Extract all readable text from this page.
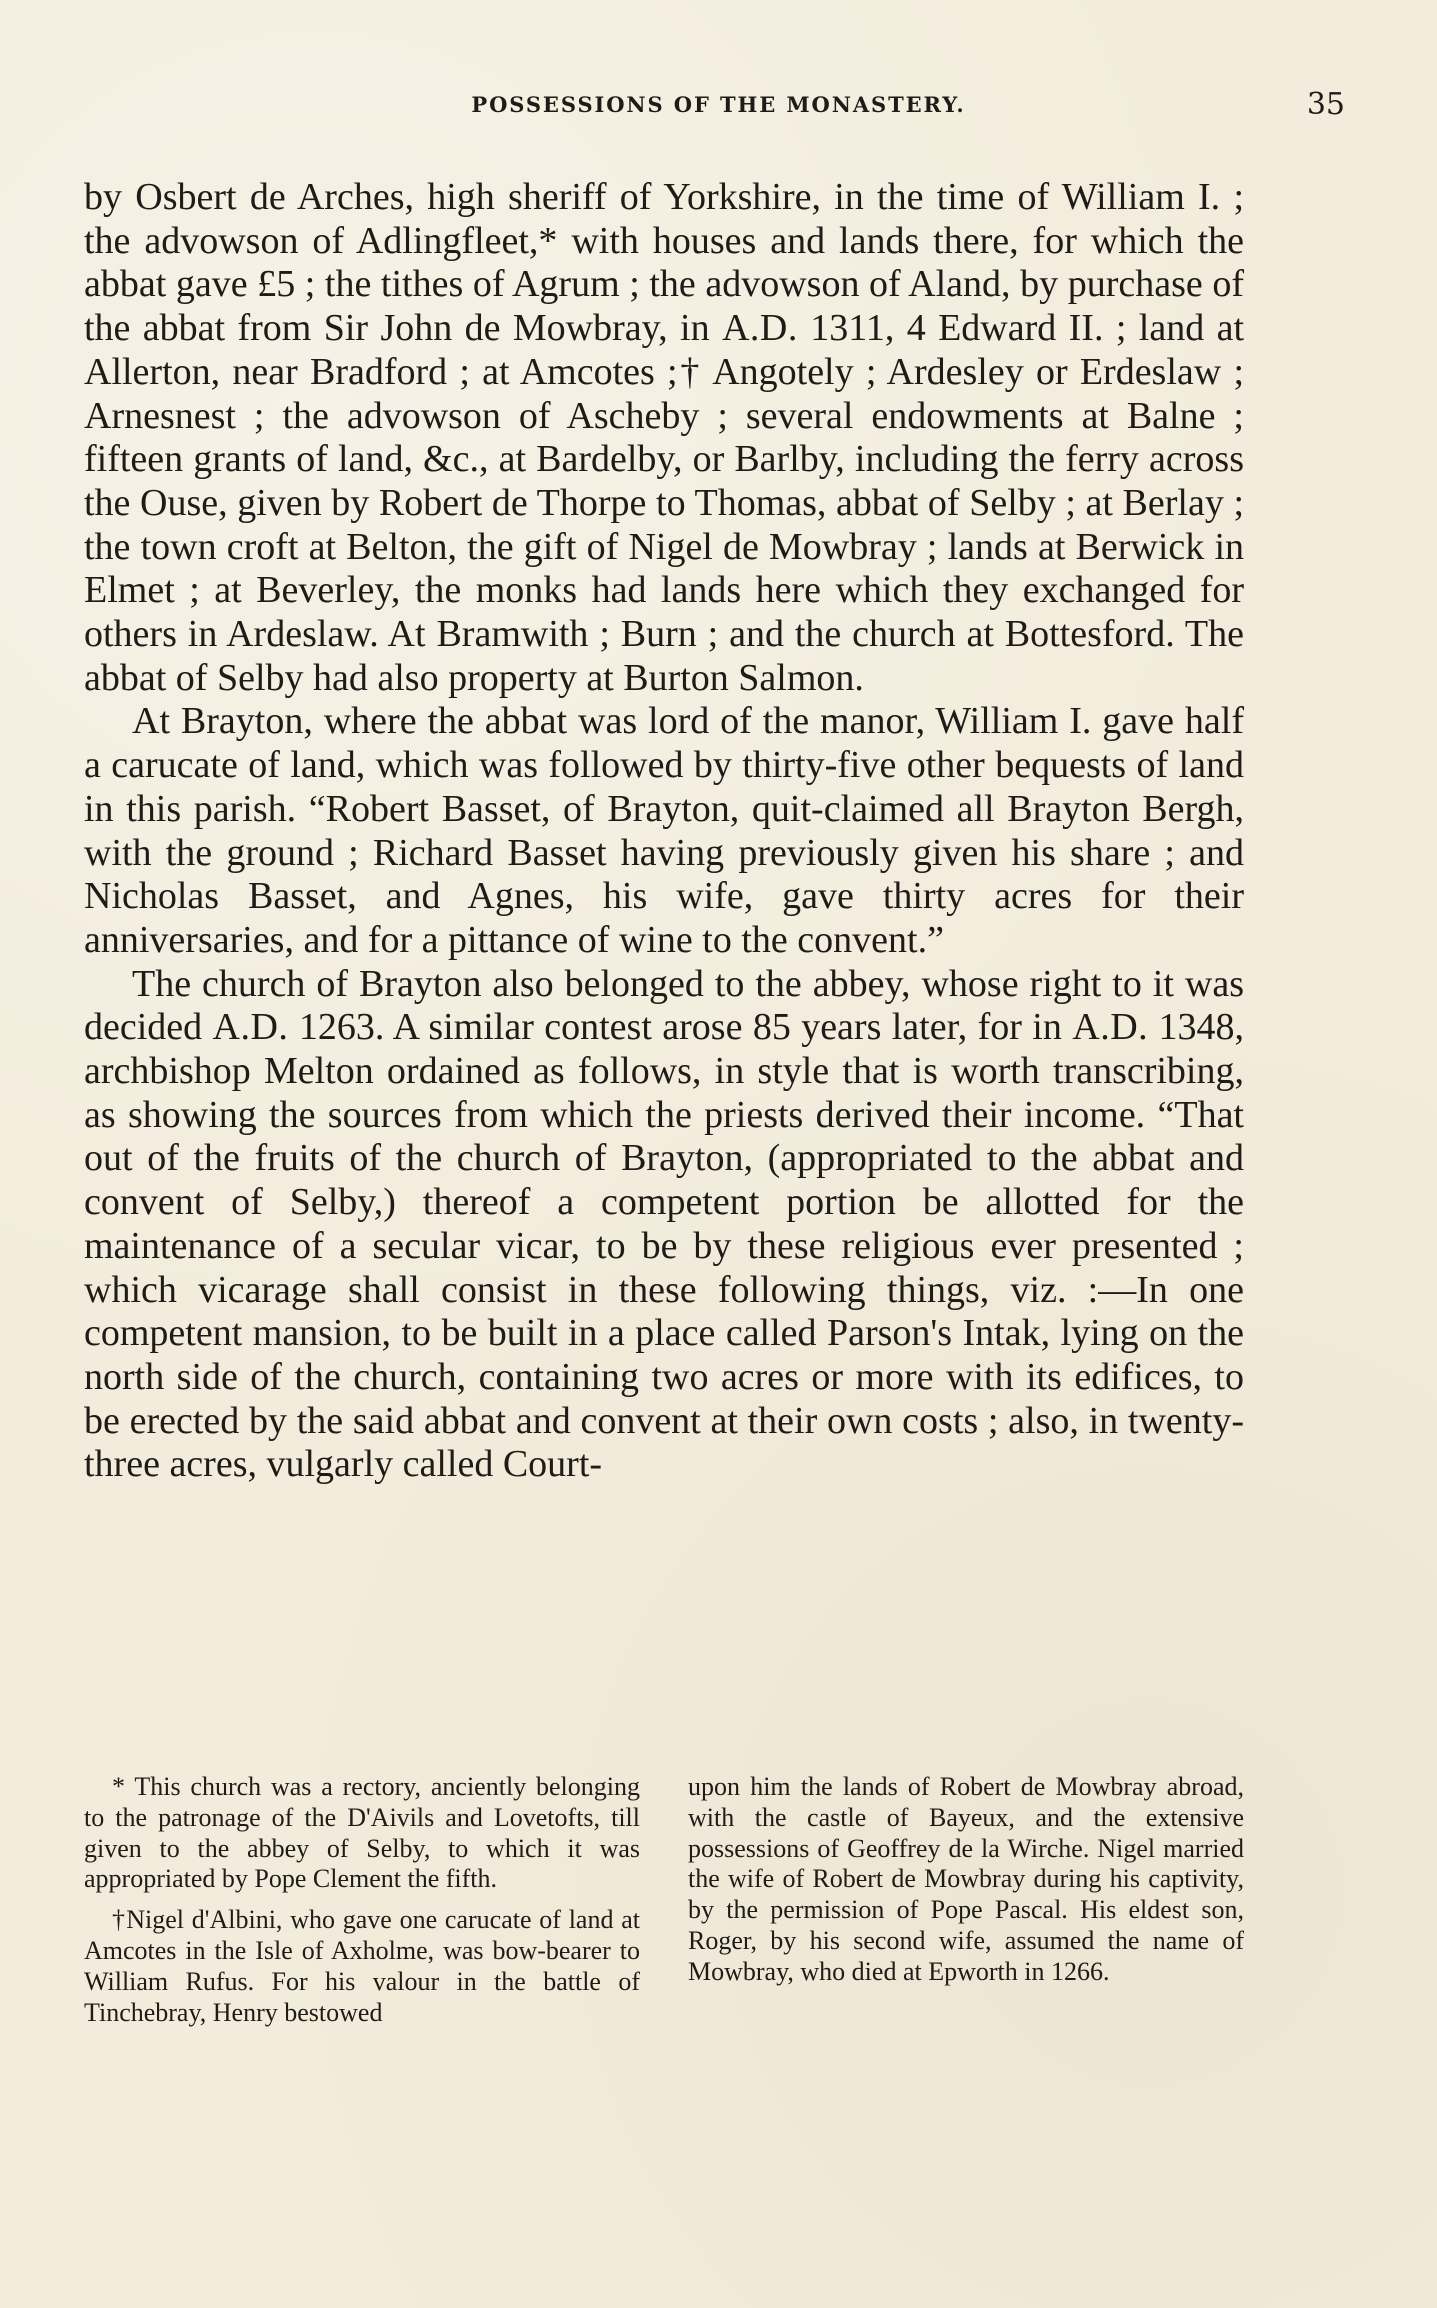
POSSESSIONS OF THE MONASTERY.	35

by Osbert de Arches, high sheriff of Yorkshire, in the time of William I. ; the advowson of Adlingfleet,* with houses and lands there, for which the abbat gave £5 ; the tithes of Agrum ; the advowson of Aland, by purchase of the abbat from Sir John de Mowbray, in A.D. 1311, 4 Edward II. ; land at Allerton, near Bradford ; at Amcotes ;† Angotely ; Ardesley or Erdeslaw ; Arnesnest ; the advowson of Ascheby ; several endowments at Balne ; fifteen grants of land, &c., at Bardelby, or Barlby, including the ferry across the Ouse, given by Robert de Thorpe to Thomas, abbat of Selby ; at Berlay ; the town croft at Belton, the gift of Nigel de Mowbray ; lands at Berwick in Elmet ; at Beverley, the monks had lands here which they exchanged for others in Ardeslaw. At Bramwith ; Burn ; and the church at Bottesford. The abbat of Selby had also property at Burton Salmon.

At Brayton, where the abbat was lord of the manor, William I. gave half a carucate of land, which was followed by thirty-five other bequests of land in this parish. “Robert Basset, of Brayton, quit-claimed all Brayton Bergh, with the ground ; Richard Basset having previously given his share ; and Nicholas Basset, and Agnes, his wife, gave thirty acres for their anniversaries, and for a pittance of wine to the convent.”

The church of Brayton also belonged to the abbey, whose right to it was decided A.D. 1263. A similar contest arose 85 years later, for in A.D. 1348, archbishop Melton ordained as follows, in style that is worth transcribing, as showing the sources from which the priests derived their income. “That out of the fruits of the church of Brayton, (appropriated to the abbat and convent of Selby,) thereof a competent portion be allotted for the maintenance of a secular vicar, to be by these religious ever presented ; which vicarage shall consist in these following things, viz. :—In one competent mansion, to be built in a place called Parson's Intak, lying on the north side of the church, containing two acres or more with its edifices, to be erected by the said abbat and convent at their own costs ; also, in twenty-three acres, vulgarly called Court-

* This church was a rectory, anciently belonging to the patronage of the D'Aivils and Lovetofts, till given to the abbey of Selby, to which it was appropriated by Pope Clement the fifth.

†Nigel d'Albini, who gave one carucate of land at Amcotes in the Isle of Axholme, was bow-bearer to William Rufus. For his valour in the battle of Tinchebray, Henry bestowed

upon him the lands of Robert de Mowbray abroad, with the castle of Bayeux, and the extensive possessions of Geoffrey de la Wirche. Nigel married the wife of Robert de Mowbray during his captivity, by the permission of Pope Pascal. His eldest son, Roger, by his second wife, assumed the name of Mowbray, who died at Epworth in 1266.
